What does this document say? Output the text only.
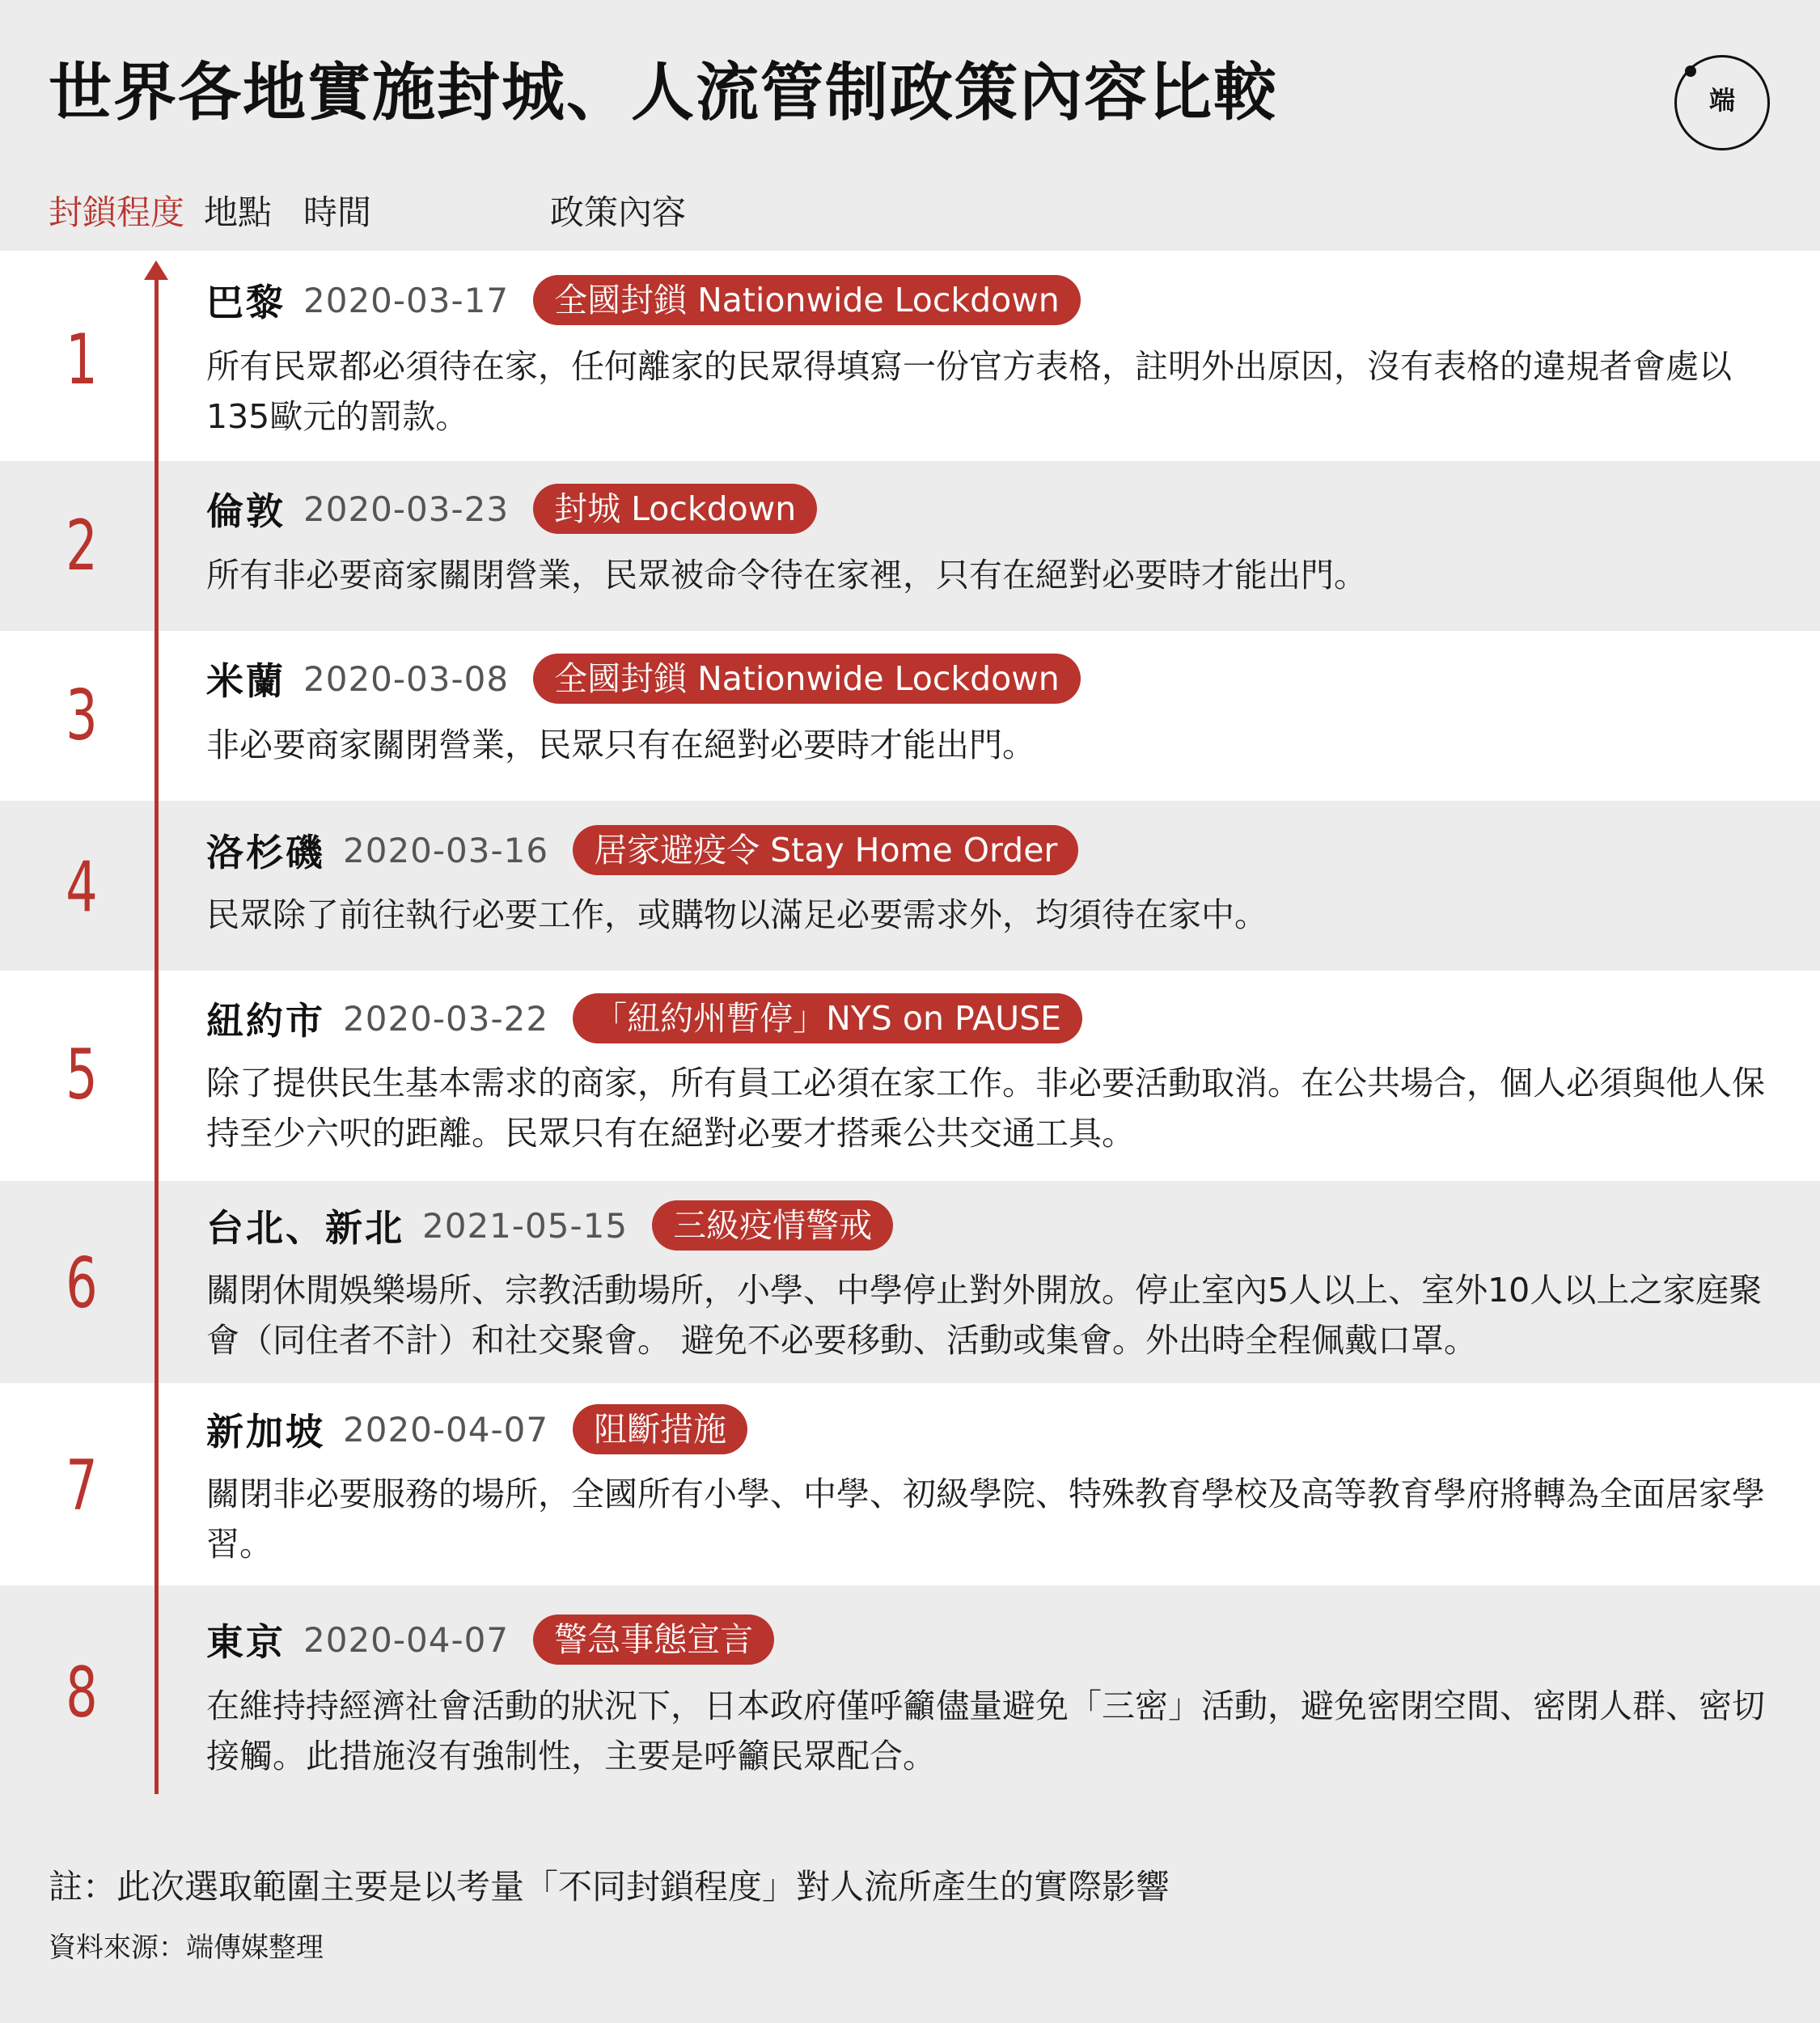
世界各地實施封城、人流管制政策內容比較	端
封鎖程度 地點 時間	政策內容
1
巴黎 2020-03-17	全國封鎖 Nationwide Lockdown
所有民眾都必須待在家，任何離家的民眾得填寫一份官方表格，註明外出原因，沒有表格的違規者會處以135歐元的罰款。
2	倫敦 2020-03-23	封城 Lockdown
所有非必要商家關閉營業，民眾被命令待在家裡，只有在絕對必要時才能出門。
3	米蘭 2020-03-08	全國封鎖 Nationwide Lockdown
非必要商家關閉營業，民眾只有在絕對必要時才能出門。
4	洛杉磯 2020-03-16	居家避疫令 Stay Home Order
民眾除了前往執行必要工作，或購物以滿足必要需求外，均須待在家中。
5
紐約市 2020-03-22	「紐約州暫停」NYS on PAUSE
除了提供民生基本需求的商家，所有員工必須在家工作。非必要活動取消。在公共場合，個人必須與他人保持至少六呎的距離。民眾只有在絕對必要才搭乘公共交通工具。
6
台北、新北 2021-05-15	三級疫情警戒
關閉休閒娛樂場所、宗教活動場所，小學、中學停止對外開放。停止室內5人以上、室外10人以上之家庭聚會（同住者不計）和社交聚會。 避免不必要移動、活動或集會。外出時全程佩戴口罩。
7
新加坡 2020-04-07	阻斷措施
關閉非必要服務的場所，全國所有小學、中學、初級學院、特殊教育學校及高等教育學府將轉為全面居家學習。
8
東京 2020-04-07	警急事態宣言
在維持持經濟社會活動的狀況下，日本政府僅呼籲儘量避免「三密」活動，避免密閉空間、密閉人群、密切接觸。此措施沒有強制性，主要是呼籲民眾配合。
註：此次選取範圍主要是以考量「不同封鎖程度」對人流所產生的實際影響
資料來源：端傳媒整理
